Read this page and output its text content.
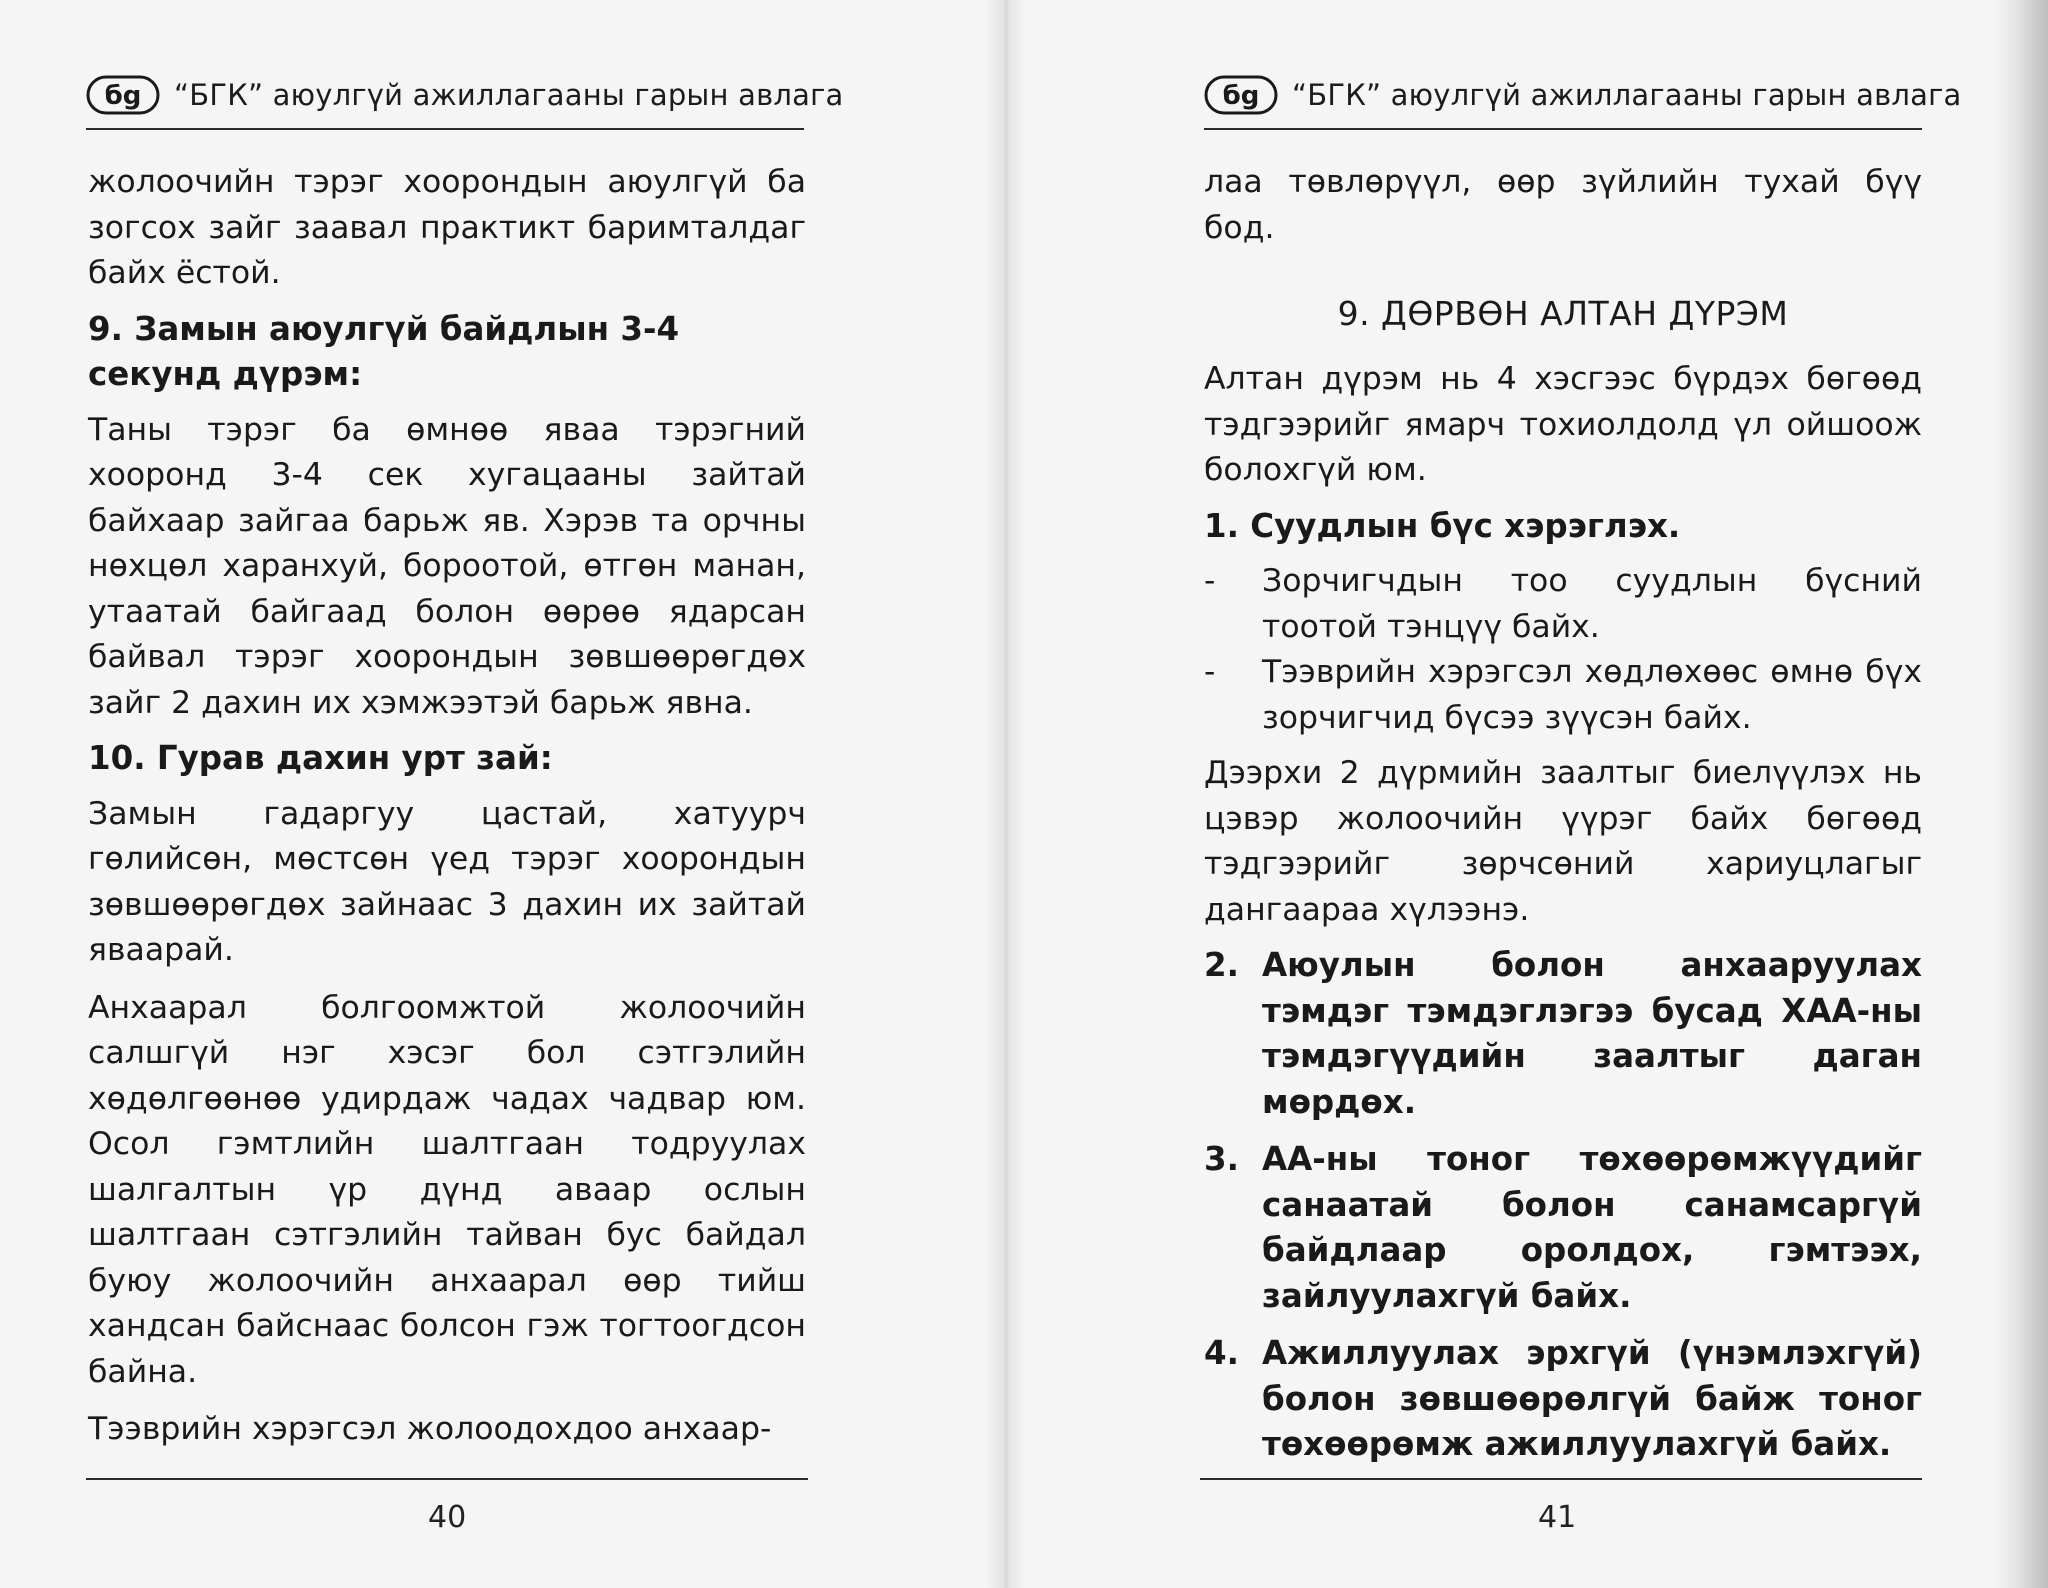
бg “БГК” аюулгүй ажиллагааны гарын авлага

жолоочийн тэрэг хоорондын аюулгүй ба зогсох зайг заавал практикт баримталдаг байх ёстой.

9. Замын аюулгүй байдлын 3-4 секунд дүрэм:

Таны тэрэг ба өмнөө яваа тэрэгний хооронд 3-4 сек хугацааны зайтай байхаар зайгаа барьж яв. Хэрэв та орчны нөхцөл харанхуй, бороотой, өтгөн манан, утаатай байгаад болон өөрөө ядарсан байвал тэрэг хоорондын зөвшөөрөгдөх зайг 2 дахин их хэмжээтэй барьж явна.

10. Гурав дахин урт зай:

Замын гадаргуу цастай, хатуурч гөлийсөн, мөстсөн үед тэрэг хоорондын зөвшөөрөгдөх зайнаас 3 дахин их зайтай яваарай.

Анхаарал болгоомжтой жолоочийн салшгүй нэг хэсэг бол сэтгэлийн хөдөлгөөнөө удирдаж чадах чадвар юм. Осол гэмтлийн шалтгаан тодруулах шалгалтын үр дүнд аваар ослын шалтгаан сэтгэлийн тайван бус байдал буюу жолоочийн анхаарал өөр тийш хандсан байснаас болсон гэж тогтоогдсон байна.

Тээврийн хэрэгсэл жолоодохдоо анхаар-

40
бg “БГК” аюулгүй ажиллагааны гарын авлага

лаа төвлөрүүл, өөр зүйлийн тухай бүү бод.

9. ДӨРВӨН АЛТАН ДҮРЭМ

Алтан дүрэм нь 4 хэсгээс бүрдэх бөгөөд тэдгээрийг ямарч тохиолдолд үл ойшоож болохгүй юм.

1. Суудлын бүс хэрэглэх.

-	Зорчигчдын тоо суудлын бүсний тоотой тэнцүү байх.
-	Тээврийн хэрэгсэл хөдлөхөөс өмнө бүх зорчигчид бүсээ зүүсэн байх.

Дээрхи 2 дүрмийн заалтыг биелүүлэх нь цэвэр жолоочийн үүрэг байх бөгөөд тэдгээрийг зөрчсөний хариуцлагыг дангаараа хүлээнэ.

2. Аюулын болон анхааруулах тэмдэг тэмдэглэгээ бусад ХАА-ны тэмдэгүүдийн заалтыг даган мөрдөх.
3. АА-ны тоног төхөөрөмжүүдийг санаатай болон санамсаргүй байдлаар оролдох, гэмтээх, зайлуулахгүй байх.
4. Ажиллуулах эрхгүй (үнэмлэхгүй) болон зөвшөөрөлгүй байж тоног төхөөрөмж ажиллуулахгүй байх.
41
